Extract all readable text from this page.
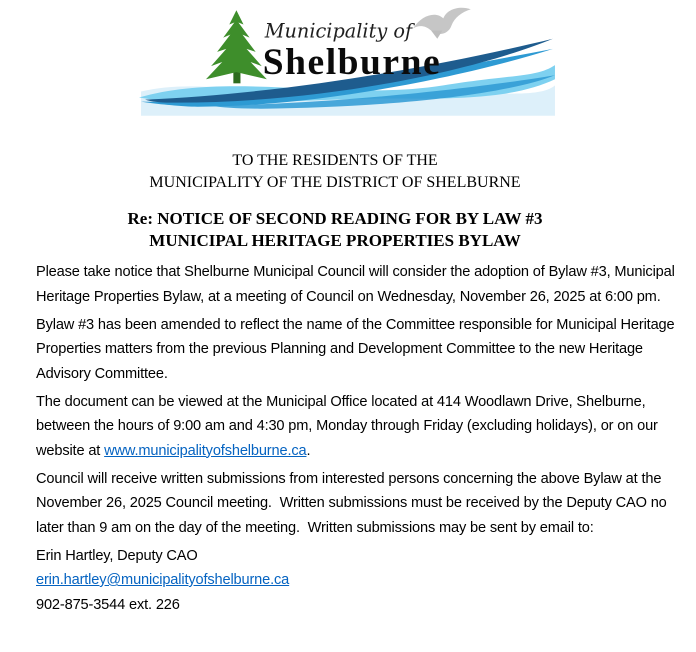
Municipality of
Shelburne
TO THE RESIDENTS OF THE
MUNICIPALITY OF THE DISTRICT OF SHELBURNE
Re: NOTICE OF SECOND READING FOR BY LAW #3
MUNICIPAL HERITAGE PROPERTIES BYLAW

Please take notice that Shelburne Municipal Council will consider the adoption of Bylaw #3, Municipal Heritage Properties Bylaw, at a meeting of Council on Wednesday, November 26, 2025 at 6:00 pm.

Bylaw #3 has been amended to reflect the name of the Committee responsible for Municipal Heritage Properties matters from the previous Planning and Development Committee to the new Heritage Advisory Committee.

The document can be viewed at the Municipal Office located at 414 Woodlawn Drive, Shelburne, between the hours of 9:00 am and 4:30 pm, Monday through Friday (excluding holidays), or on our website at www.municipalityofshelburne.ca.

Council will receive written submissions from interested persons concerning the above Bylaw at the November 26, 2025 Council meeting.  Written submissions must be received by the Deputy CAO no later than 9 am on the day of the meeting.  Written submissions may be sent by email to:

Erin Hartley, Deputy CAO
erin.hartley@municipalityofshelburne.ca
902-875-3544 ext. 226
